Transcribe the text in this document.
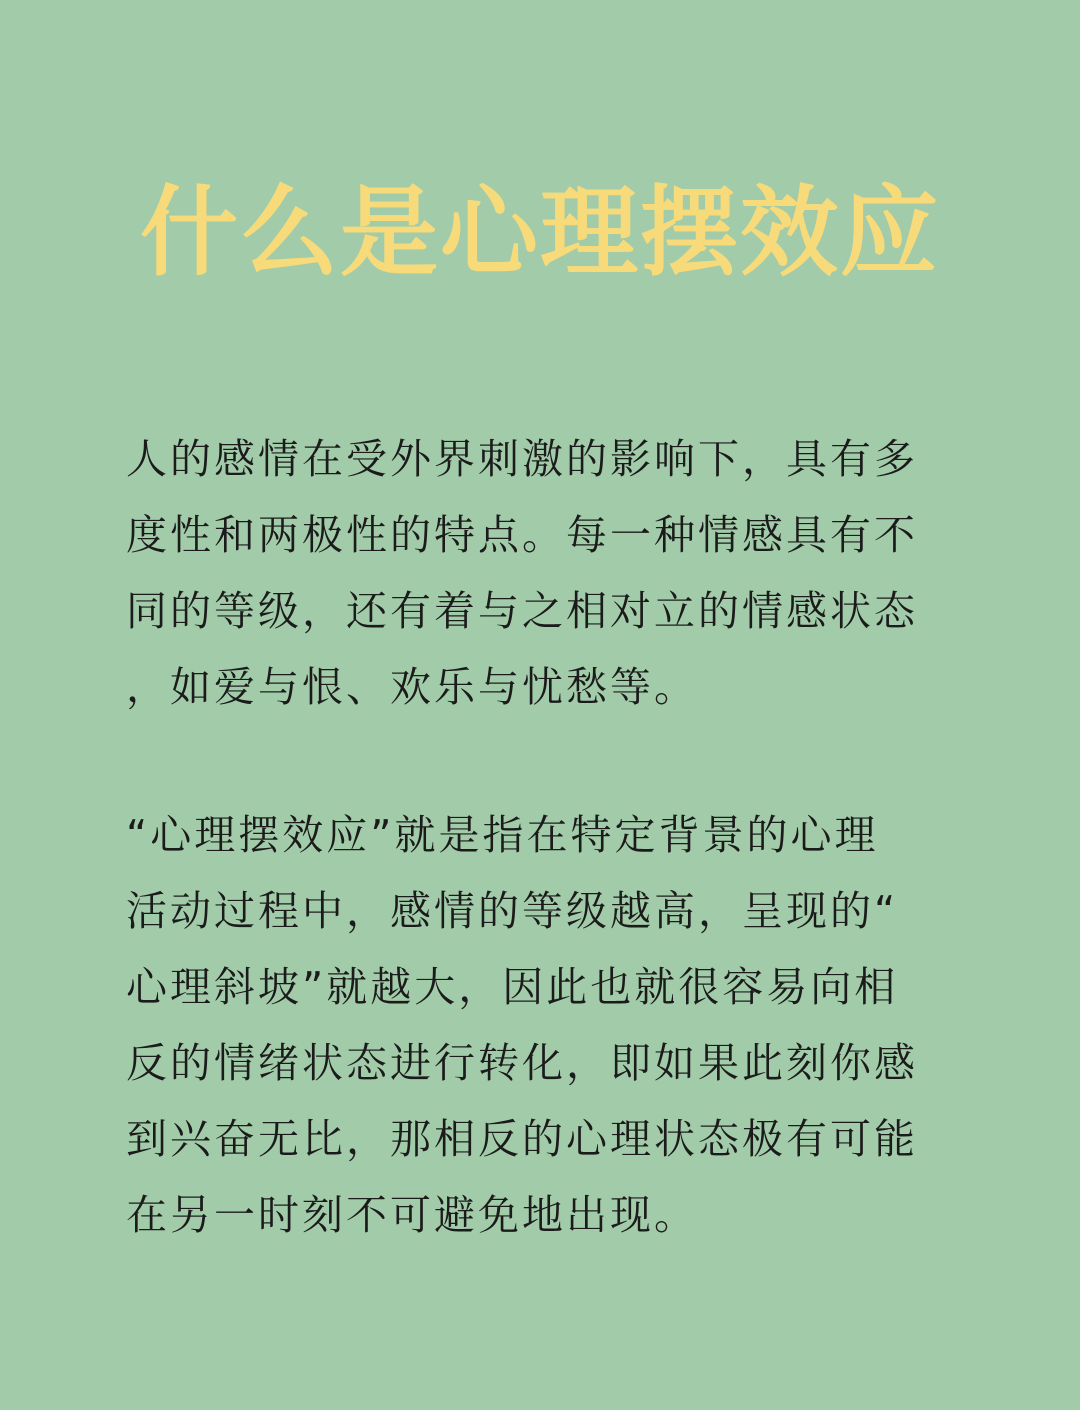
什么是心理摆效应

人的感情在受外界刺激的影响下，具有多
度性和两极性的特点。每一种情感具有不
同的等级，还有着与之相对立的情感状态
，如爱与恨、欢乐与忧愁等。

“心理摆效应”就是指在特定背景的心理
活动过程中，感情的等级越高，呈现的“
心理斜坡”就越大，因此也就很容易向相
反的情绪状态进行转化，即如果此刻你感
到兴奋无比，那相反的心理状态极有可能
在另一时刻不可避免地出现。
